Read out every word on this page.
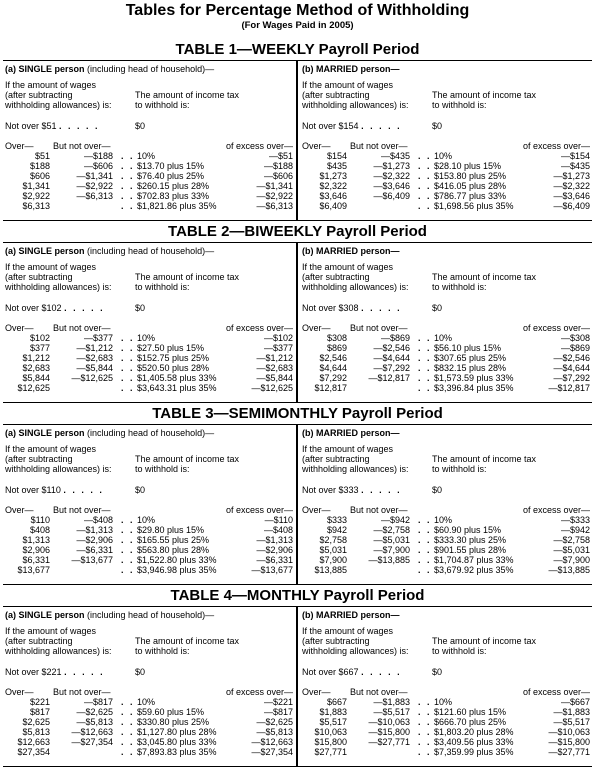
Tables for Percentage Method of Withholding
(For Wages Paid in 2005)
TABLE 1—WEEKLY Payroll Period
(a) SINGLE person (including head of household)—
If the amount of wages
(after subtracting
withholding allowances) is:
The amount of income tax
to withhold is:
Not over $51 . . . . .	$0
Over— But not over—	of excess over—
$51	—$188 . . 10%	—$51
$188	—$606 . . $13.70 plus 15%	—$188
$606	—$1,341 . . $76.40 plus 25%	—$606
$1,341	—$2,922 . . $260.15 plus 28%	—$1,341
$2,922	—$6,313 . . $702.83 plus 33%	—$2,922
$6,313	. . $1,821.86 plus 35%	—$6,313
(b) MARRIED person—
If the amount of wages
(after subtracting
withholding allowances) is:
The amount of income tax
to withhold is:
Not over $154 . . . . .	$0
Over— But not over—	of excess over—
$154	—$435 . . 10%	—$154
$435	—$1,273 . . $28.10 plus 15%	—$435
$1,273	—$2,322 . . $153.80 plus 25%	—$1,273
$2,322	—$3,646 . . $416.05 plus 28%	—$2,322
$3,646	—$6,409 . . $786.77 plus 33%	—$3,646
$6,409	. . $1,698.56 plus 35%	—$6,409
TABLE 2—BIWEEKLY Payroll Period
(a) SINGLE person (including head of household)—
If the amount of wages
(after subtracting
withholding allowances) is:
The amount of income tax
to withhold is:
Not over $102 . . . . .	$0
Over— But not over—	of excess over—
$102	—$377 . . 10%	—$102
$377	—$1,212 . . $27.50 plus 15%	—$377
$1,212	—$2,683 . . $152.75 plus 25%	—$1,212
$2,683	—$5,844 . . $520.50 plus 28%	—$2,683
$5,844 —$12,625 . . $1,405.58 plus 33%	—$5,844
$12,625	. . $3,643.31 plus 35%	—$12,625
(b) MARRIED person—
If the amount of wages
(after subtracting
withholding allowances) is:
The amount of income tax
to withhold is:
Not over $308 . . . . .	$0
Over— But not over—	of excess over—
$308	—$869 . . 10%	—$308
$869	—$2,546 . . $56.10 plus 15%	—$869
$2,546	—$4,644 . . $307.65 plus 25%	—$2,546
$4,644	—$7,292 . . $832.15 plus 28%	—$4,644
$7,292 —$12,817 . . $1,573.59 plus 33%	—$7,292
$12,817	. . $3,396.84 plus 35%	—$12,817
TABLE 3—SEMIMONTHLY Payroll Period
(a) SINGLE person (including head of household)—
If the amount of wages
(after subtracting
withholding allowances) is:
The amount of income tax
to withhold is:
Not over $110 . . . . .	$0
Over— But not over—	of excess over—
$110	—$408 . . 10%	—$110
$408	—$1,313 . . $29.80 plus 15%	—$408
$1,313	—$2,906 . . $165.55 plus 25%	—$1,313
$2,906	—$6,331 . . $563.80 plus 28%	—$2,906
$6,331 —$13,677 . . $1,522.80 plus 33%	—$6,331
$13,677	. . $3,946.98 plus 35%	—$13,677
(b) MARRIED person—
If the amount of wages
(after subtracting
withholding allowances) is:
The amount of income tax
to withhold is:
Not over $333 . . . . .	$0
Over— But not over—	of excess over—
$333	—$942 . . 10%	—$333
$942	—$2,758 . . $60.90 plus 15%	—$942
$2,758	—$5,031 . . $333.30 plus 25%	—$2,758
$5,031	—$7,900 . . $901.55 plus 28%	—$5,031
$7,900 —$13,885 . . $1,704.87 plus 33%	—$7,900
$13,885	. . $3,679.92 plus 35%	—$13,885
TABLE 4—MONTHLY Payroll Period
(a) SINGLE person (including head of household)—
If the amount of wages
(after subtracting
withholding allowances) is:
The amount of income tax
to withhold is:
Not over $221 . . . . .	$0
Over— But not over—	of excess over—
$221	—$817 . . 10%	—$221
$817	—$2,625 . . $59.60 plus 15%	—$817
$2,625	—$5,813 . . $330.80 plus 25%	—$2,625
$5,813 —$12,663 . . $1,127.80 plus 28%	—$5,813
$12,663 —$27,354 . . $3,045.80 plus 33%	—$12,663
$27,354	. . $7,893.83 plus 35%	—$27,354
(b) MARRIED person—
If the amount of wages
(after subtracting
withholding allowances) is:
The amount of income tax
to withhold is:
Not over $667 . . . . .	$0
Over— But not over—	of excess over—
$667	—$1,883 . . 10%	—$667
$1,883	—$5,517 . . $121.60 plus 15%	—$1,883
$5,517 —$10,063 . . $666.70 plus 25%	—$5,517
$10,063 —$15,800 . . $1,803.20 plus 28%	—$10,063
$15,800 —$27,771 . . $3,409.56 plus 33%	—$15,800
$27,771	. . $7,359.99 plus 35%	—$27,771
